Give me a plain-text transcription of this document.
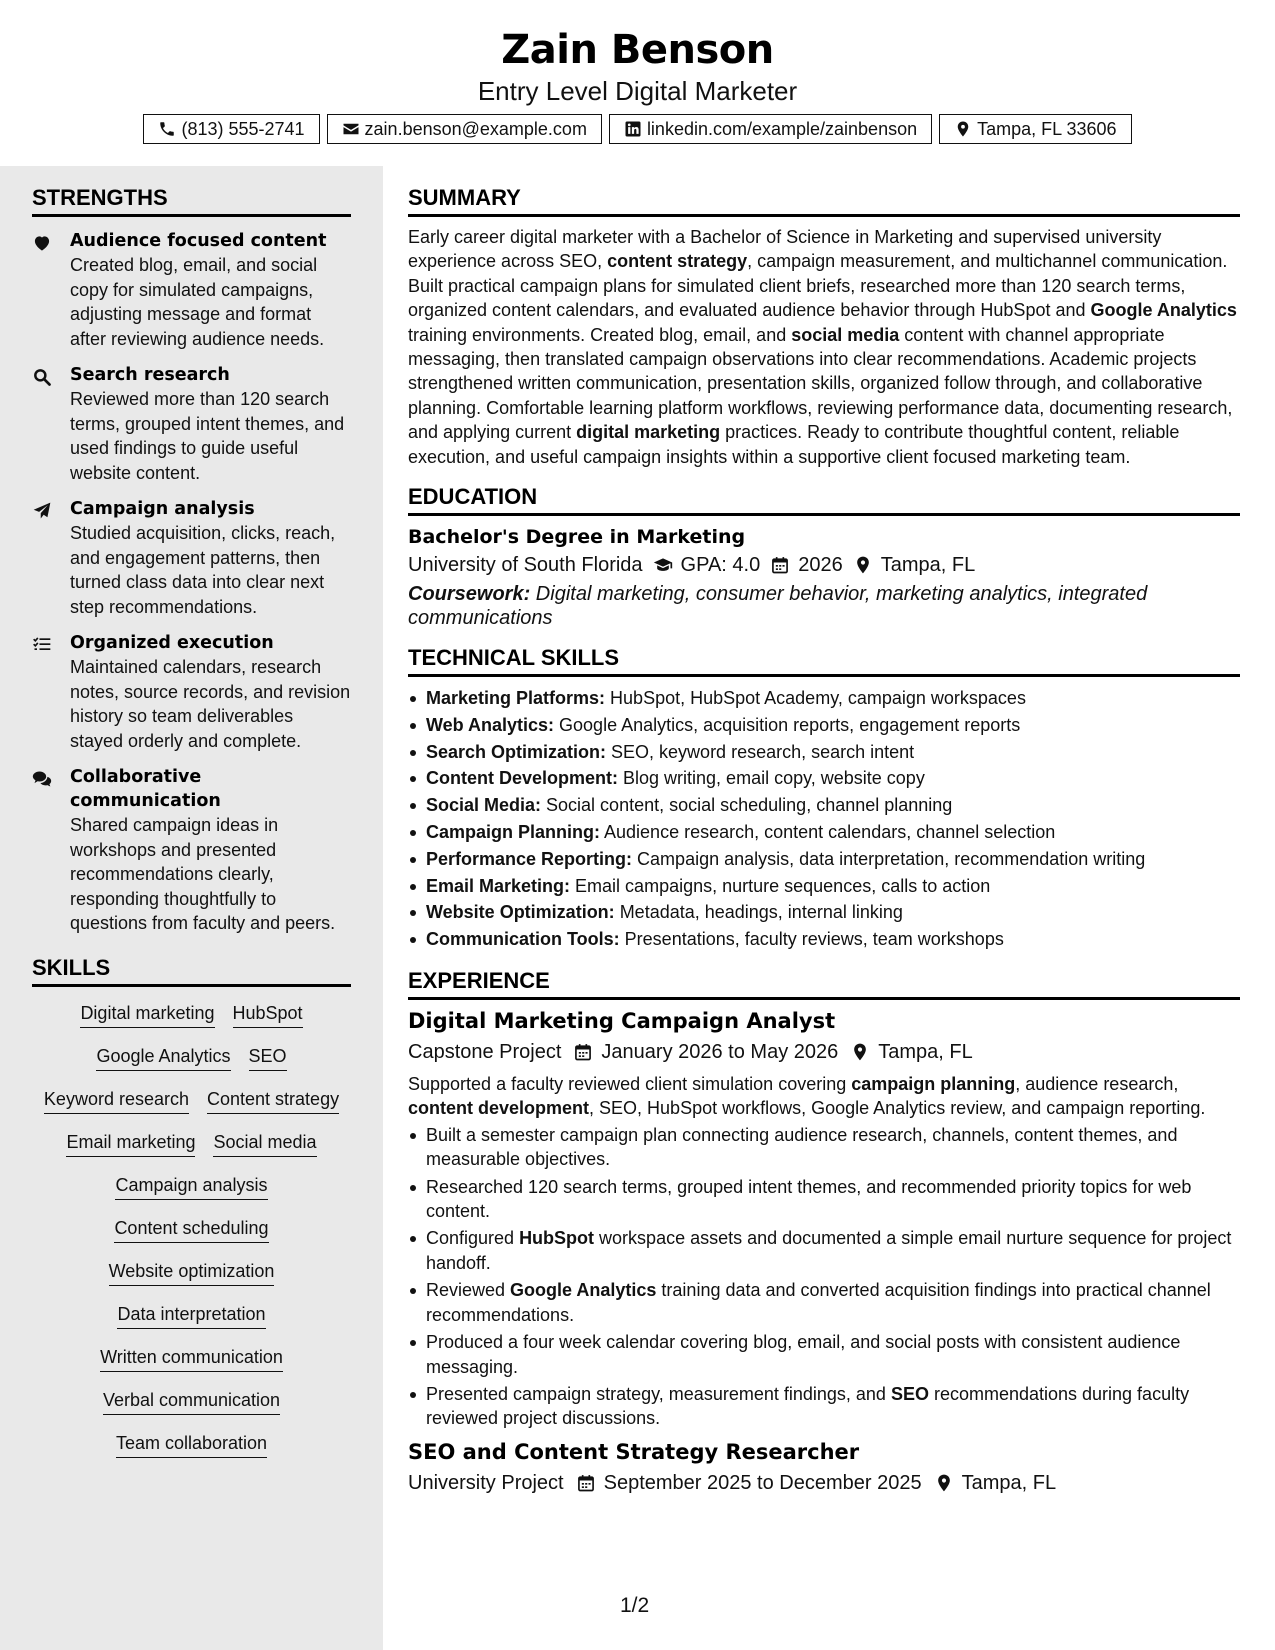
Zain Benson
Entry Level Digital Marketer
(813) 555-2741	zain.benson@example.com	linkedin.com/example/zainbenson	Tampa, FL 33606
STRENGTHS
Audience focused content
Created blog, email, and social copy for simulated campaigns, adjusting message and format after reviewing audience needs.
Search research
Reviewed more than 120 search terms, grouped intent themes, and used findings to guide useful website content.
Campaign analysis
Studied acquisition, clicks, reach, and engagement patterns, then turned class data into clear next step recommendations.
Organized execution
Maintained calendars, research notes, source records, and revision history so team deliverables stayed orderly and complete.
Collaborative communication
Shared campaign ideas in workshops and presented recommendations clearly, responding thoughtfully to questions from faculty and peers.
SKILLS
Digital marketing HubSpot
Google Analytics SEO
Keyword research Content strategy
Email marketing Social media
Campaign analysis
Content scheduling
Website optimization
Data interpretation
Written communication
Verbal communication
Team collaboration
SUMMARY

Early career digital marketer with a Bachelor of Science in Marketing and supervised university experience across SEO, content strategy, campaign measurement, and multichannel communication. Built practical campaign plans for simulated client briefs, researched more than 120 search terms, organized content calendars, and evaluated audience behavior through HubSpot and Google Analytics training environments. Created blog, email, and social media content with channel appropriate messaging, then translated campaign observations into clear recommendations. Academic projects strengthened written communication, presentation skills, organized follow through, and collaborative planning. Comfortable learning platform workflows, reviewing performance data, documenting research, and applying current digital marketing practices. Ready to contribute thoughtful content, reliable execution, and useful campaign insights within a supportive client focused marketing team.

EDUCATION
Bachelor's Degree in Marketing
University of South Florida GPA: 4.0 2026 Tampa, FL
Coursework: Digital marketing, consumer behavior, marketing analytics, integrated communications
TECHNICAL SKILLS
Marketing Platforms: HubSpot, HubSpot Academy, campaign workspaces
Web Analytics: Google Analytics, acquisition reports, engagement reports
Search Optimization: SEO, keyword research, search intent
Content Development: Blog writing, email copy, website copy
Social Media: Social content, social scheduling, channel planning
Campaign Planning: Audience research, content calendars, channel selection
Performance Reporting: Campaign analysis, data interpretation, recommendation writing
Email Marketing: Email campaigns, nurture sequences, calls to action
Website Optimization: Metadata, headings, internal linking
Communication Tools: Presentations, faculty reviews, team workshops
EXPERIENCE
Digital Marketing Campaign Analyst
Capstone Project January 2026 to May 2026 Tampa, FL

Supported a faculty reviewed client simulation covering campaign planning, audience research, content development, SEO, HubSpot workflows, Google Analytics review, and campaign reporting.

Built a semester campaign plan connecting audience research, channels, content themes, and measurable objectives.
Researched 120 search terms, grouped intent themes, and recommended priority topics for web content.
Configured HubSpot workspace assets and documented a simple email nurture sequence for project handoff.
Reviewed Google Analytics training data and converted acquisition findings into practical channel recommendations.
Produced a four week calendar covering blog, email, and social posts with consistent audience messaging.
Presented campaign strategy, measurement findings, and SEO recommendations during faculty reviewed project discussions.
SEO and Content Strategy Researcher
University Project September 2025 to December 2025 Tampa, FL
1/2
